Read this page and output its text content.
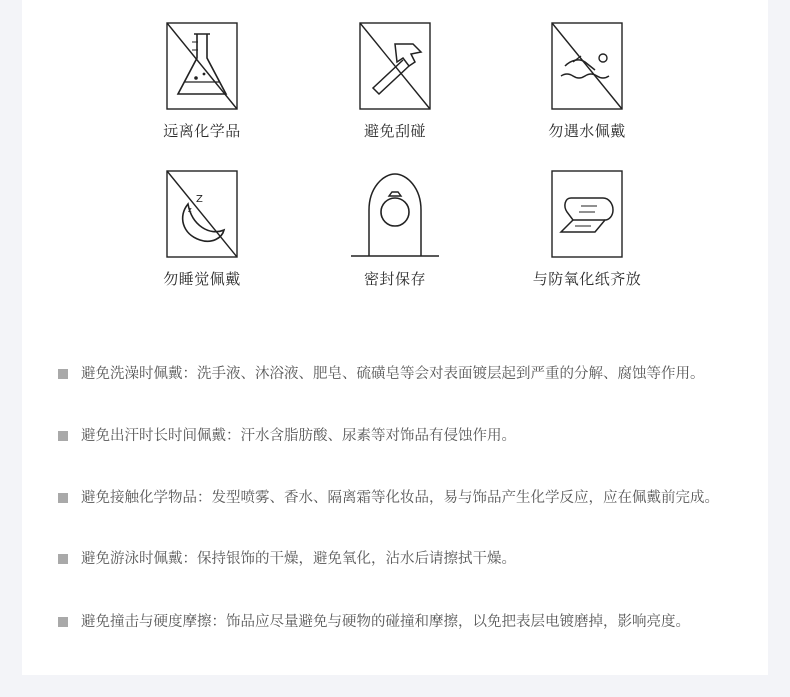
远离化学品	避免刮碰	勿遇水佩戴
Z
z
勿睡觉佩戴	密封保存	与防氧化纸齐放
避免洗澡时佩戴：洗手液、沐浴液、肥皂、硫磺皂等会对表面镀层起到严重的分解、腐蚀等作用。
避免出汗时长时间佩戴：汗水含脂肪酸、尿素等对饰品有侵蚀作用。
避免接触化学物品：发型喷雾、香水、隔离霜等化妆品，易与饰品产生化学反应，应在佩戴前完成。
避免游泳时佩戴：保持银饰的干燥，避免氧化，沾水后请擦拭干燥。
避免撞击与硬度摩擦：饰品应尽量避免与硬物的碰撞和摩擦，以免把表层电镀磨掉，影响亮度。
